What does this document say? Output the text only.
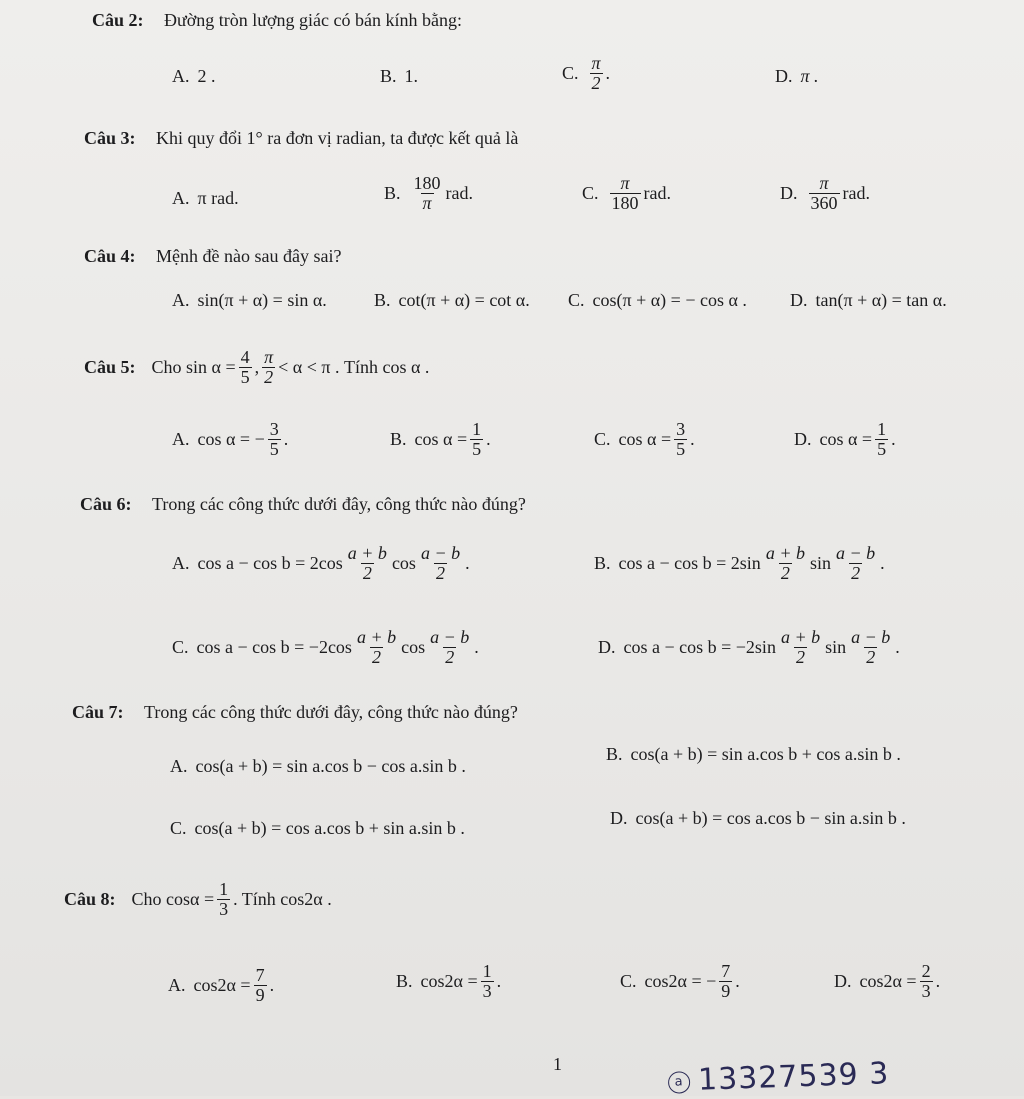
Câu 2: Đường tròn lượng giác có bán kính bằng:
A. 2 .	B. 1.	C. $\frac{\pi}{2}$ .	D. π .
Câu 3: Khi quy đổi 1° ra đơn vị radian, ta được kết quả là
A. π rad.	B. $\frac{180}{\pi}$ rad.	C. $\frac{\pi}{180}$ rad.	D. $\frac{\pi}{360}$ rad.
Câu 4: Mệnh đề nào sau đây sai?
A. sin(π + α) = sin α.	B. cot(π + α) = cot α. C. cos(π + α) = − cos α . D. tan(π + α) = tan α.
Câu 5: Cho $\sin \alpha = \frac{4}{5}$ , $\frac{\pi}{2} < \alpha < \pi$ . Tính cos α .
A. cos α = − $\frac{3}{5}$ .	B. $\cos \alpha = \frac{1}{5}$ .	C. $\cos \alpha = \frac{3}{5}$ .	D. $\cos \alpha = \frac{1}{5}$ .
Câu 6: Trong các công thức dưới đây, công thức nào đúng?
A. $\cos a - \cos b = 2\cos \frac{a + b}{2}$ $\cos \frac{a - b}{2}$ .	B. $\cos a - \cos b = 2\sin \frac{a + b}{2}$ $\sin \frac{a - b}{2}$ .
C. $\cos a - \cos b = -2\cos \frac{a + b}{2}$ $\cos \frac{a - b}{2}$ .	D. $\cos a - \cos b = -2\sin \frac{a + b}{2}$ $\sin \frac{a - b}{2}$ .
Câu 7: Trong các công thức dưới đây, công thức nào đúng?
A. cos(a + b) = sin a.cos b − cos a.sin b .
B. cos(a + b) = sin a.cos b + cos a.sin b .
C. cos(a + b) = cos a.cos b + sin a.sin b .	D. cos(a + b) = cos a.cos b − sin a.sin b .
Câu 8: Cho $\cos\alpha = \frac{1}{3}$ . Tính cos2α .
A. $\cos 2\alpha = \frac{7}{9}$ .	B. $\cos 2\alpha = \frac{1}{3}$ .	C. cos2α = − $\frac{7}{9}$ .	D. $\cos 2\alpha = \frac{2}{3}$ .
1
a 13327539 3
